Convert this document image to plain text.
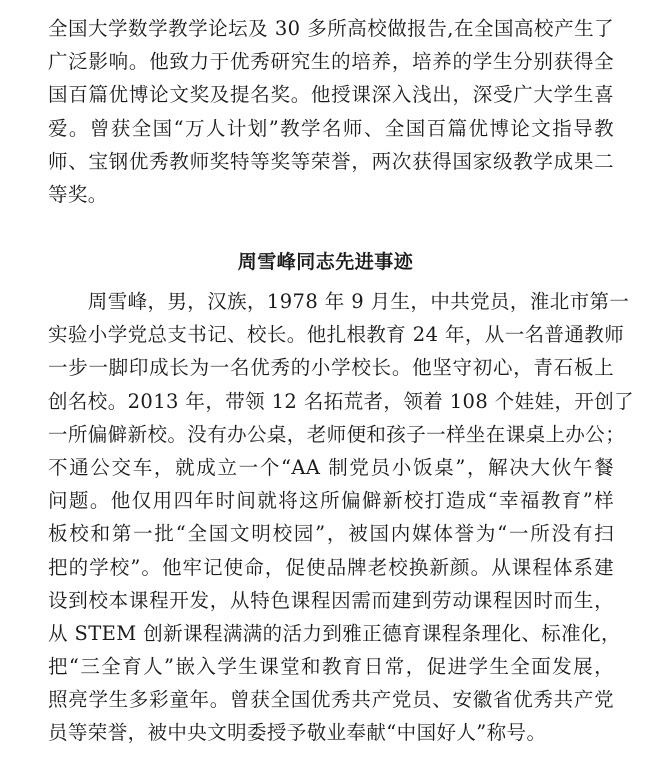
全国大学数学教学论坛及 30 多所高校做报告,在全国高校产生了
广泛影响。他致力于优秀研究生的培养，培养的学生分别获得全
国百篇优博论文奖及提名奖。他授课深入浅出，深受广大学生喜
爱。曾获全国“万人计划”教学名师、全国百篇优博论文指导教
师、宝钢优秀教师奖特等奖等荣誉，两次获得国家级教学成果二
等奖。
周雪峰同志先进事迹
　　周雪峰，男，汉族，1978 年 9 月生，中共党员，淮北市第一
实验小学党总支书记、校长。他扎根教育 24 年，从一名普通教师
一步一脚印成长为一名优秀的小学校长。他坚守初心，青石板上
创名校。2013 年，带领 12 名拓荒者，领着 108 个娃娃，开创了
一所偏僻新校。没有办公桌，老师便和孩子一样坐在课桌上办公；
不通公交车，就成立一个“AA 制党员小饭桌”，解决大伙午餐
问题。他仅用四年时间就将这所偏僻新校打造成“幸福教育”样
板校和第一批“全国文明校园”，被国内媒体誉为“一所没有扫
把的学校”。他牢记使命，促使品牌老校换新颜。从课程体系建
设到校本课程开发，从特色课程因需而建到劳动课程因时而生，
从 STEM 创新课程满满的活力到雅正德育课程条理化、标准化，
把“三全育人”嵌入学生课堂和教育日常，促进学生全面发展，
照亮学生多彩童年。曾获全国优秀共产党员、安徽省优秀共产党
员等荣誉，被中央文明委授予敬业奉献“中国好人”称号。
